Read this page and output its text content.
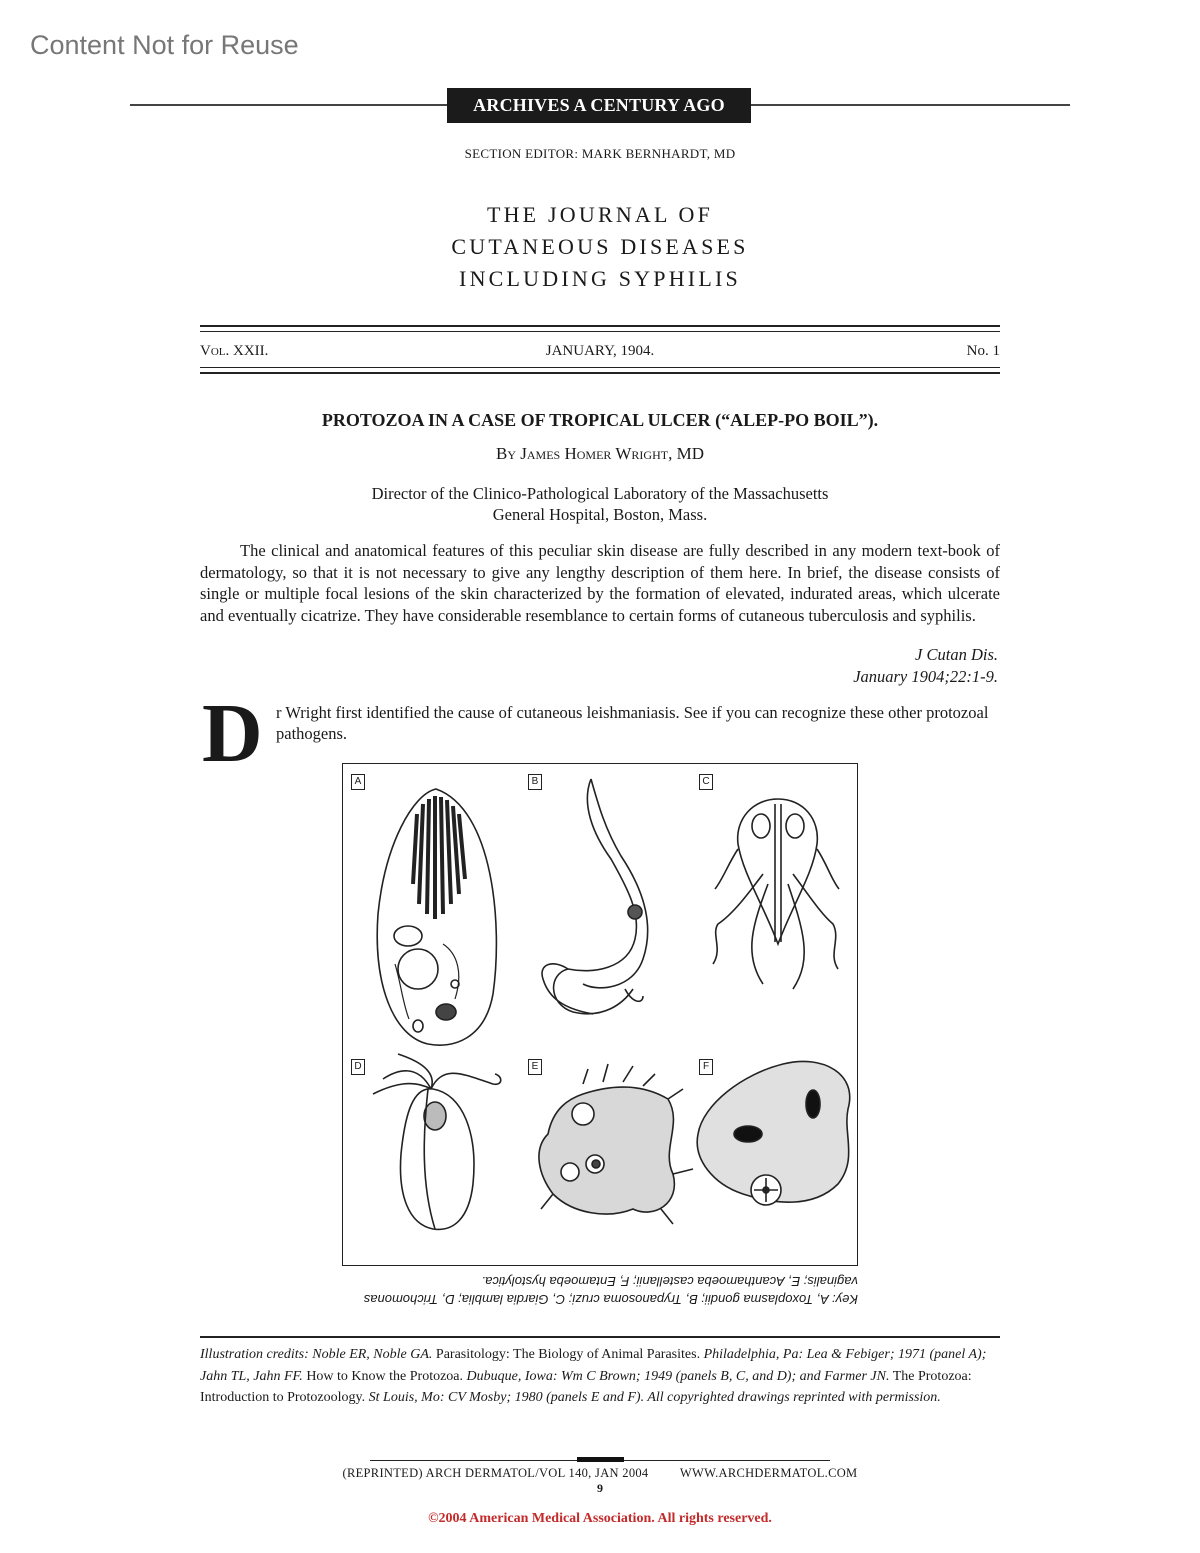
Content Not for Reuse
ARCHIVES A CENTURY AGO
SECTION EDITOR: MARK BERNHARDT, MD
THE JOURNAL OF
CUTANEOUS DISEASES
INCLUDING SYPHILIS
Vol. XXII.	JANUARY, 1904.	No. 1
PROTOZOA IN A CASE OF TROPICAL ULCER (“ALEP-PO BOIL”).
By James Homer Wright, MD
Director of the Clinico-Pathological Laboratory of the Massachusetts
General Hospital, Boston, Mass.

The clinical and anatomical features of this peculiar skin disease are fully described in any modern text-book of dermatology, so that it is not necessary to give any lengthy description of them here. In brief, the disease consists of single or multiple focal lesions of the skin characterized by the formation of elevated, indurated areas, which ulcerate and eventually cicatrize. They have considerable resemblance to certain forms of cutaneous tuberculosis and syphilis.

J Cutan Dis.
January 1904;22:1-9.
D r Wright first identified the cause of cutaneous leishmaniasis. See if you can recognize these other protozoal pathogens.
A	B	C
D	E	F
Key: A, Toxoplasma gondii; B, Trypanosoma cruzi; C, Giardia lamblia; D, Trichomonas vaginalis; E, Acanthamoeba castellanii; F, Entamoeba hystolytica.
Illustration credits: Noble ER, Noble GA. Parasitology: The Biology of Animal Parasites. Philadelphia, Pa: Lea & Febiger; 1971 (panel A); Jahn TL, Jahn FF. How to Know the Protozoa. Dubuque, Iowa: Wm C Brown; 1949 (panels B, C, and D); and Farmer JN. The Protozoa: Introduction to Protozoology. St Louis, Mo: CV Mosby; 1980 (panels E and F). All copyrighted drawings reprinted with permission.
(REPRINTED) ARCH DERMATOL/VOL 140, JAN 2004	WWW.ARCHDERMATOL.COM
9
©2004 American Medical Association. All rights reserved.
